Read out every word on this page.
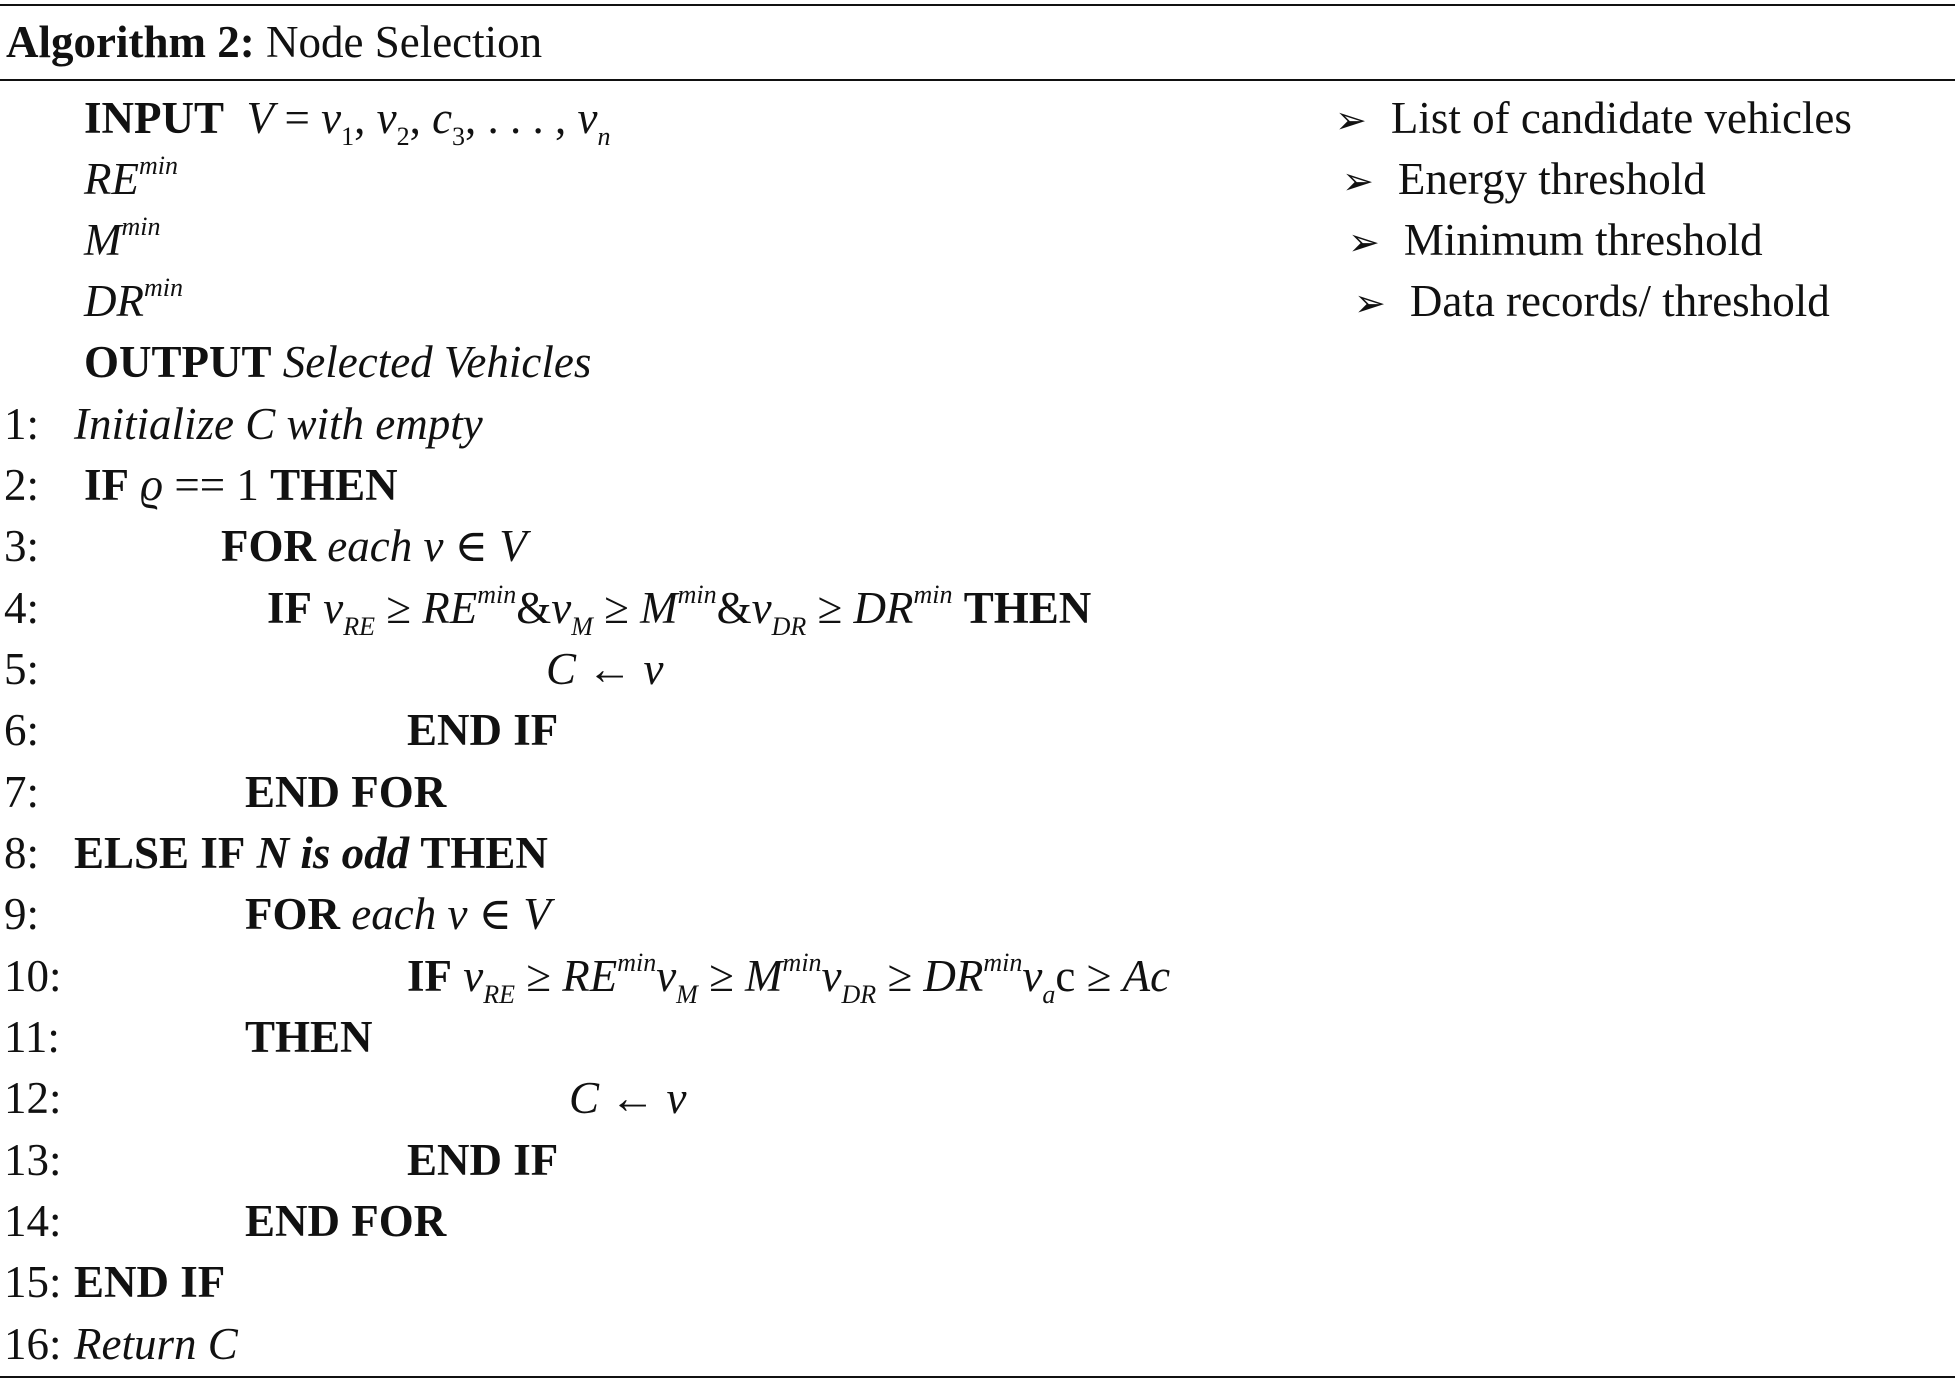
Algorithm 2: Node Selection
INPUT $V = v_1$, $v_2$, $c_3$, . . . , $v_n$
$RE^{min}$
$M^{min}$
$DR^{min}$
OUTPUT Selected Vehicles
➢ List of candidate vehicles
➢ Energy threshold
➢ Minimum threshold
➢ Data records/ threshold
1:
2:
3:
4:
5:
6:
7:
8:
9:
10:
11:
12:
13:
14:
15:
16:
Initialize C with empty
IF ϱ == 1 THEN
FOR each v ∈ V
IF $v_{RE}$ ≥ $RE^{min}\&v_M$ ≥ $M^{min}\&v_{DR} \ge DR^{min}$ THEN
C ← v
END IF
END FOR
ELSE IF N is odd THEN
FOR each v ∈ V
IF $v_{RE} \ge RE^{min}v_M \ge M^{min}v_{DR} \ge DR^{min}v_ac \ge Ac$
THEN
C ← v
END IF
END FOR
END IF
Return C
